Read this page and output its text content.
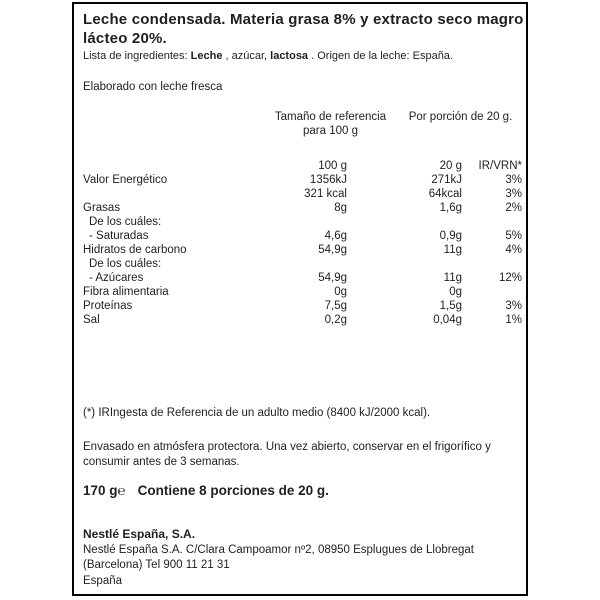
Leche condensada. Materia grasa 8% y extracto seco magro lácteo 20%.
Lista de ingredientes: Leche , azúcar, lactosa . Origen de la leche: España.
Elaborado con leche fresca
Tamaño de referencia
para 100 g
Por porción de 20 g.
100 g	20 g	IR/VRN*
Valor Energético	1356kJ	271kJ	3%
321 kcal	64kcal	3%
Grasas	8g	1,6g	2%
De los cuáles:
- Saturadas	4,6g	0,9g	5%
Hidratos de carbono	54,9g	11g	4%
De los cuáles:
- Azúcares	54,9g	11g	12%
Fibra alimentaria	0g	0g
Proteínas	7,5g	1,5g	3%
Sal	0,2g	0,04g	1%
(*) IRIngesta de Referencia de un adulto medio (8400 kJ/2000 kcal).
Envasado en atmósfera protectora. Una vez abierto, conservar en el frigorífico y consumir antes de 3 semanas.
170 g℮ Contiene 8 porciones de 20 g.
Nestlé España, S.A.
Nestlé España S.A. C/Clara Campoamor nº2, 08950 Esplugues de Llobregat (Barcelona) Tel 900 11 21 31
España
